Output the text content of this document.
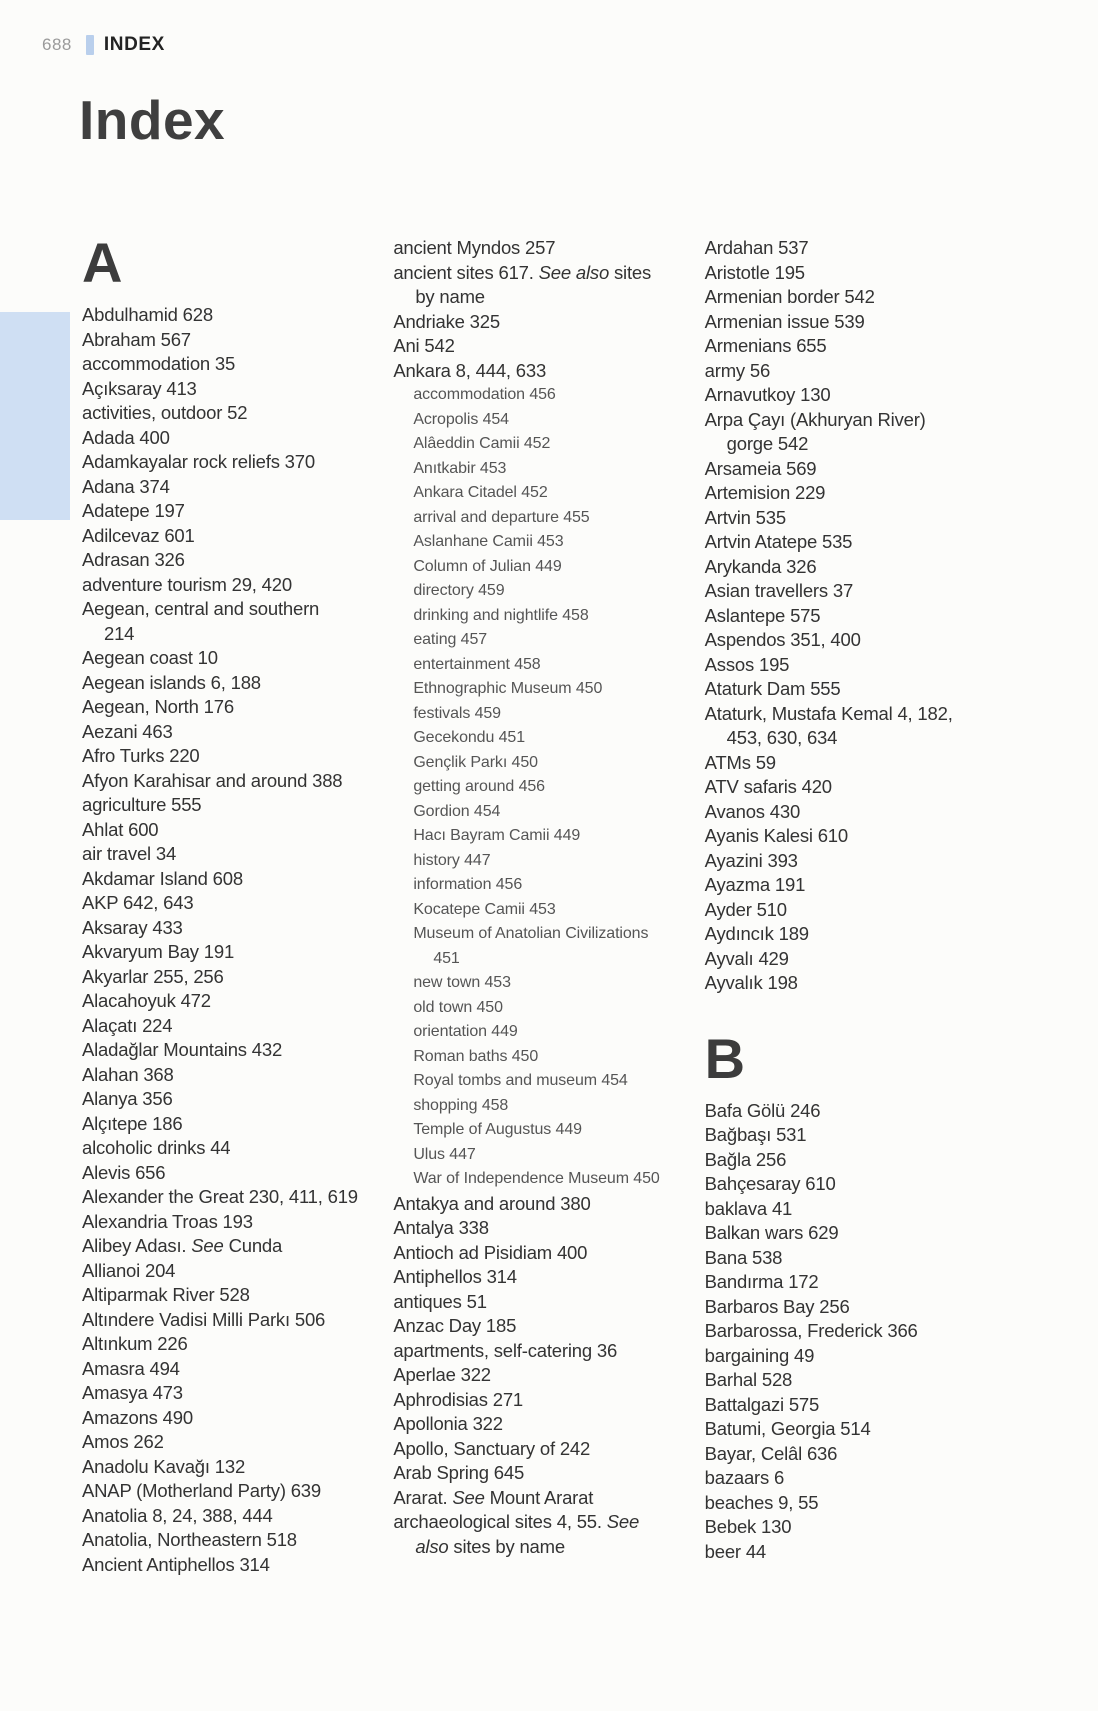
688 INDEX
Index
A
Abdulhamid 628
Abraham 567
accommodation 35
Açıksaray 413
activities, outdoor 52
Adada 400
Adamkayalar rock reliefs 370
Adana 374
Adatepe 197
Adilcevaz 601
Adrasan 326
adventure tourism 29, 420
Aegean, central and southern
214
Aegean coast 10
Aegean islands 6, 188
Aegean, North 176
Aezani 463
Afro Turks 220
Afyon Karahisar and around 388
agriculture 555
Ahlat 600
air travel 34
Akdamar Island 608
AKP 642, 643
Aksaray 433
Akvaryum Bay 191
Akyarlar 255, 256
Alacahoyuk 472
Alaçatı 224
Aladağlar Mountains 432
Alahan 368
Alanya 356
Alçıtepe 186
alcoholic drinks 44
Alevis 656
Alexander the Great 230, 411, 619
Alexandria Troas 193
Alibey Adası. See Cunda
Allianoi 204
Altiparmak River 528
Altındere Vadisi Milli Parkı 506
Altınkum 226
Amasra 494
Amasya 473
Amazons 490
Amos 262
Anadolu Kavağı 132
ANAP (Motherland Party) 639
Anatolia 8, 24, 388, 444
Anatolia, Northeastern 518
Ancient Antiphellos 314
ancient Myndos 257
ancient sites 617. See also sites
by name
Andriake 325
Ani 542
Ankara 8, 444, 633
accommodation 456
Acropolis 454
Alâeddin Camii 452
Anıtkabir 453
Ankara Citadel 452
arrival and departure 455
Aslanhane Camii 453
Column of Julian 449
directory 459
drinking and nightlife 458
eating 457
entertainment 458
Ethnographic Museum 450
festivals 459
Gecekondu 451
Gençlik Parkı 450
getting around 456
Gordion 454
Hacı Bayram Camii 449
history 447
information 456
Kocatepe Camii 453
Museum of Anatolian Civilizations
451
new town 453
old town 450
orientation 449
Roman baths 450
Royal tombs and museum 454
shopping 458
Temple of Augustus 449
Ulus 447
War of Independence Museum 450
Antakya and around 380
Antalya 338
Antioch ad Pisidiam 400
Antiphellos 314
antiques 51
Anzac Day 185
apartments, self-catering 36
Aperlae 322
Aphrodisias 271
Apollonia 322
Apollo, Sanctuary of 242
Arab Spring 645
Ararat. See Mount Ararat
archaeological sites 4, 55. See
also sites by name
Ardahan 537
Aristotle 195
Armenian border 542
Armenian issue 539
Armenians 655
army 56
Arnavutkoy 130
Arpa Çayı (Akhuryan River)
gorge 542
Arsameia 569
Artemision 229
Artvin 535
Artvin Atatepe 535
Arykanda 326
Asian travellers 37
Aslantepe 575
Aspendos 351, 400
Assos 195
Ataturk Dam 555
Ataturk, Mustafa Kemal 4, 182,
453, 630, 634
ATMs 59
ATV safaris 420
Avanos 430
Ayanis Kalesi 610
Ayazini 393
Ayazma 191
Ayder 510
Aydıncık 189
Ayvalı 429
Ayvalık 198
B
Bafa Gölü 246
Bağbaşı 531
Bağla 256
Bahçesaray 610
baklava 41
Balkan wars 629
Bana 538
Bandırma 172
Barbaros Bay 256
Barbarossa, Frederick 366
bargaining 49
Barhal 528
Battalgazi 575
Batumi, Georgia 514
Bayar, Celâl 636
bazaars 6
beaches 9, 55
Bebek 130
beer 44
